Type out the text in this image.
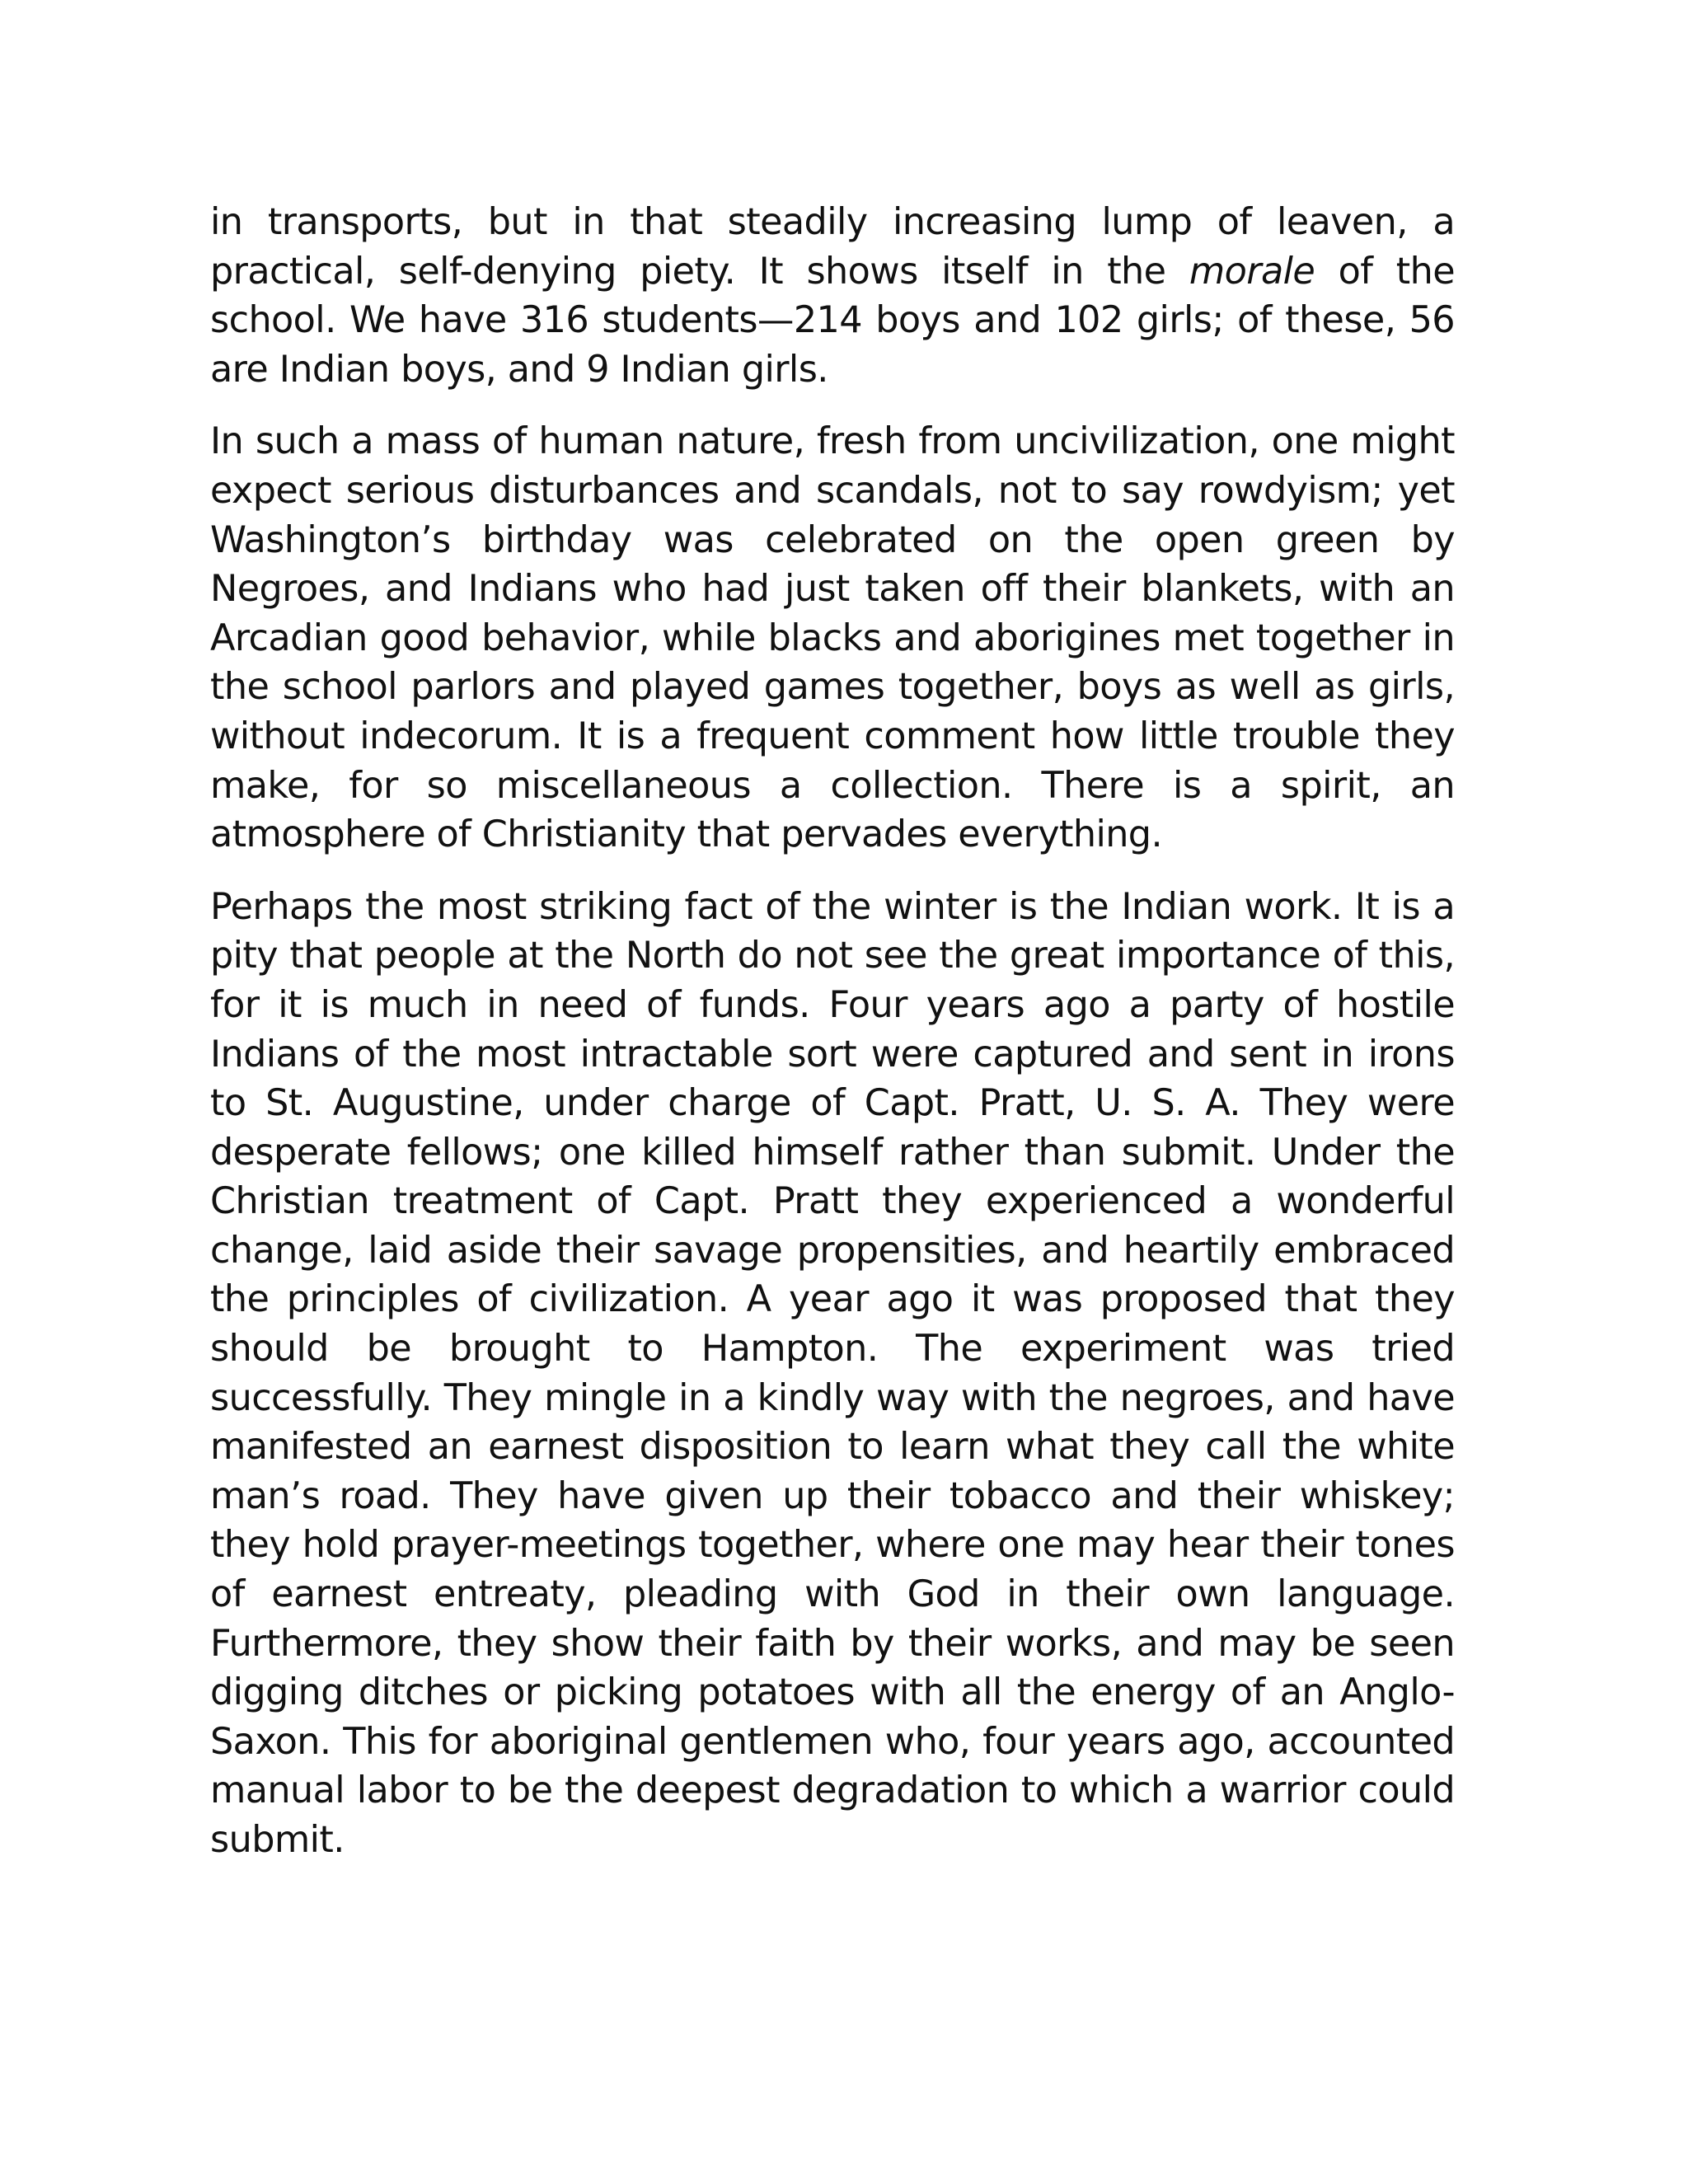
in transports, but in that steadily increasing lump of leaven, a practical, self-denying piety. It shows itself in the morale of the school. We have 316 students—214 boys and 102 girls; of these, 56 are Indian boys, and 9 Indian girls.

In such a mass of human nature, fresh from uncivilization, one might expect serious disturbances and scandals, not to say rowdyism; yet Washington’s birthday was celebrated on the open green by Negroes, and Indians who had just taken off their blankets, with an Arcadian good behavior, while blacks and aborigines met together in the school parlors and played games together, boys as well as girls, without indecorum. It is a frequent comment how little trouble they make, for so miscellaneous a collection. There is a spirit, an atmosphere of Christianity that pervades everything.

Perhaps the most striking fact of the winter is the Indian work. It is a pity that people at the North do not see the great importance of this, for it is much in need of funds. Four years ago a party of hostile Indians of the most intractable sort were captured and sent in irons to St. Augustine, under charge of Capt. Pratt, U. S. A. They were desperate fellows; one killed himself rather than submit. Under the Christian treatment of Capt. Pratt they experienced a wonderful change, laid aside their savage propensities, and heartily embraced the principles of civilization. A year ago it was proposed that they should be brought to Hampton. The experiment was tried successfully. They mingle in a kindly way with the negroes, and have manifested an earnest disposition to learn what they call the white man’s road. They have given up their tobacco and their whiskey; they hold prayer-meetings together, where one may hear their tones of earnest entreaty, pleading with God in their own language. Furthermore, they show their faith by their works, and may be seen digging ditches or picking potatoes with all the energy of an Anglo-Saxon. This for aboriginal gentlemen who, four years ago, accounted manual labor to be the deepest degradation to which a warrior could submit.
